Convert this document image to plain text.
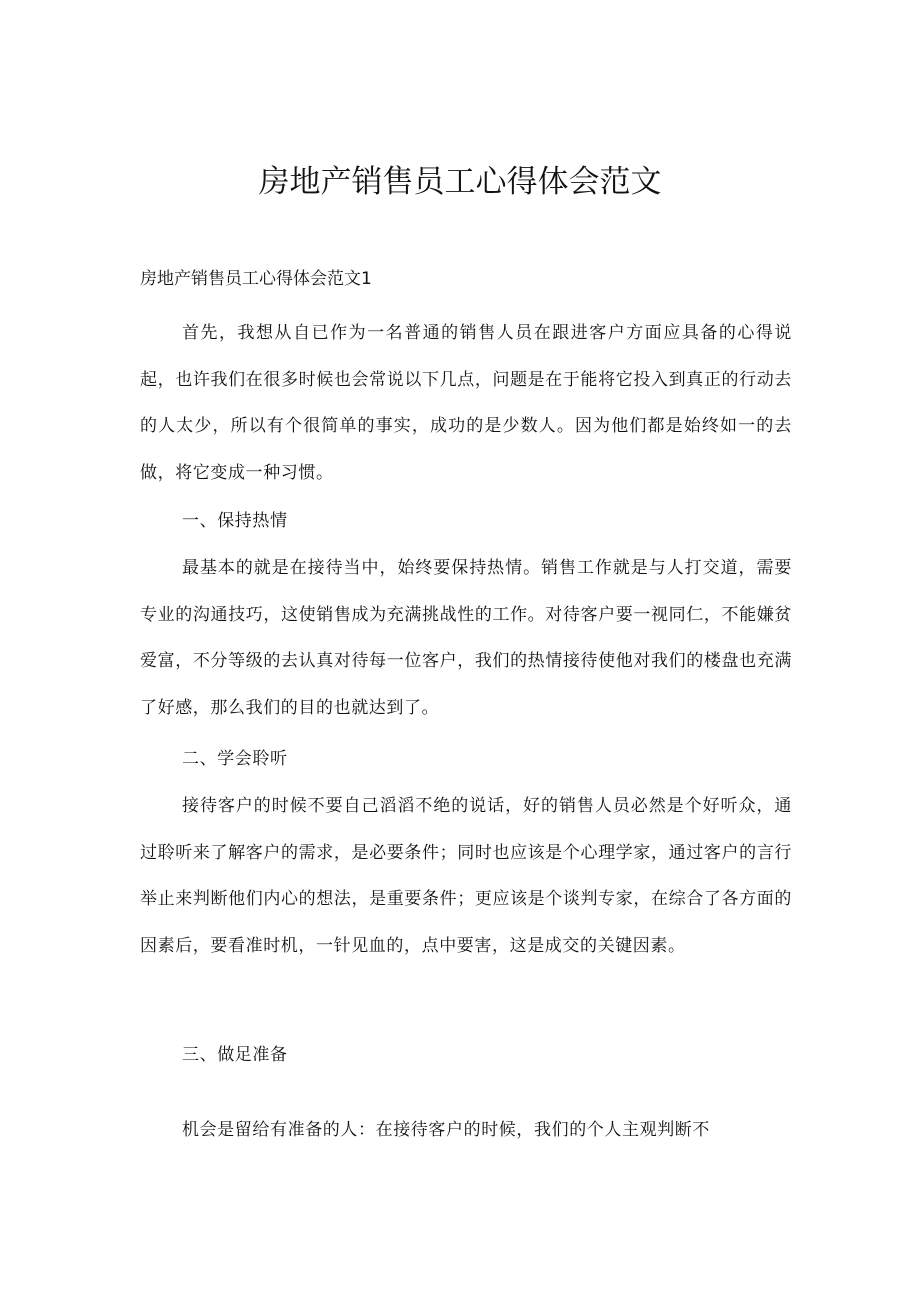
房地产销售员工心得体会范文

房地产销售员工心得体会范文1

首先，我想从自已作为一名普通的销售人员在跟进客户方面应具备的心得说起，也许我们在很多时候也会常说以下几点，问题是在于能将它投入到真正的行动去的人太少，所以有个很简单的事实，成功的是少数人。因为他们都是始终如一的去做，将它变成一种习惯。

一、保持热情

最基本的就是在接待当中，始终要保持热情。销售工作就是与人打交道，需要专业的沟通技巧，这使销售成为充满挑战性的工作。对待客户要一视同仁，不能嫌贫爱富，不分等级的去认真对待每一位客户，我们的热情接待使他对我们的楼盘也充满了好感，那么我们的目的也就达到了。

二、学会聆听

接待客户的时候不要自己滔滔不绝的说话，好的销售人员必然是个好听众，通过聆听来了解客户的需求，是必要条件；同时也应该是个心理学家，通过客户的言行举止来判断他们内心的想法，是重要条件；更应该是个谈判专家，在综合了各方面的因素后，要看准时机，一针见血的，点中要害，这是成交的关键因素。

三、做足准备

机会是留给有准备的人：在接待客户的时候，我们的个人主观判断不
